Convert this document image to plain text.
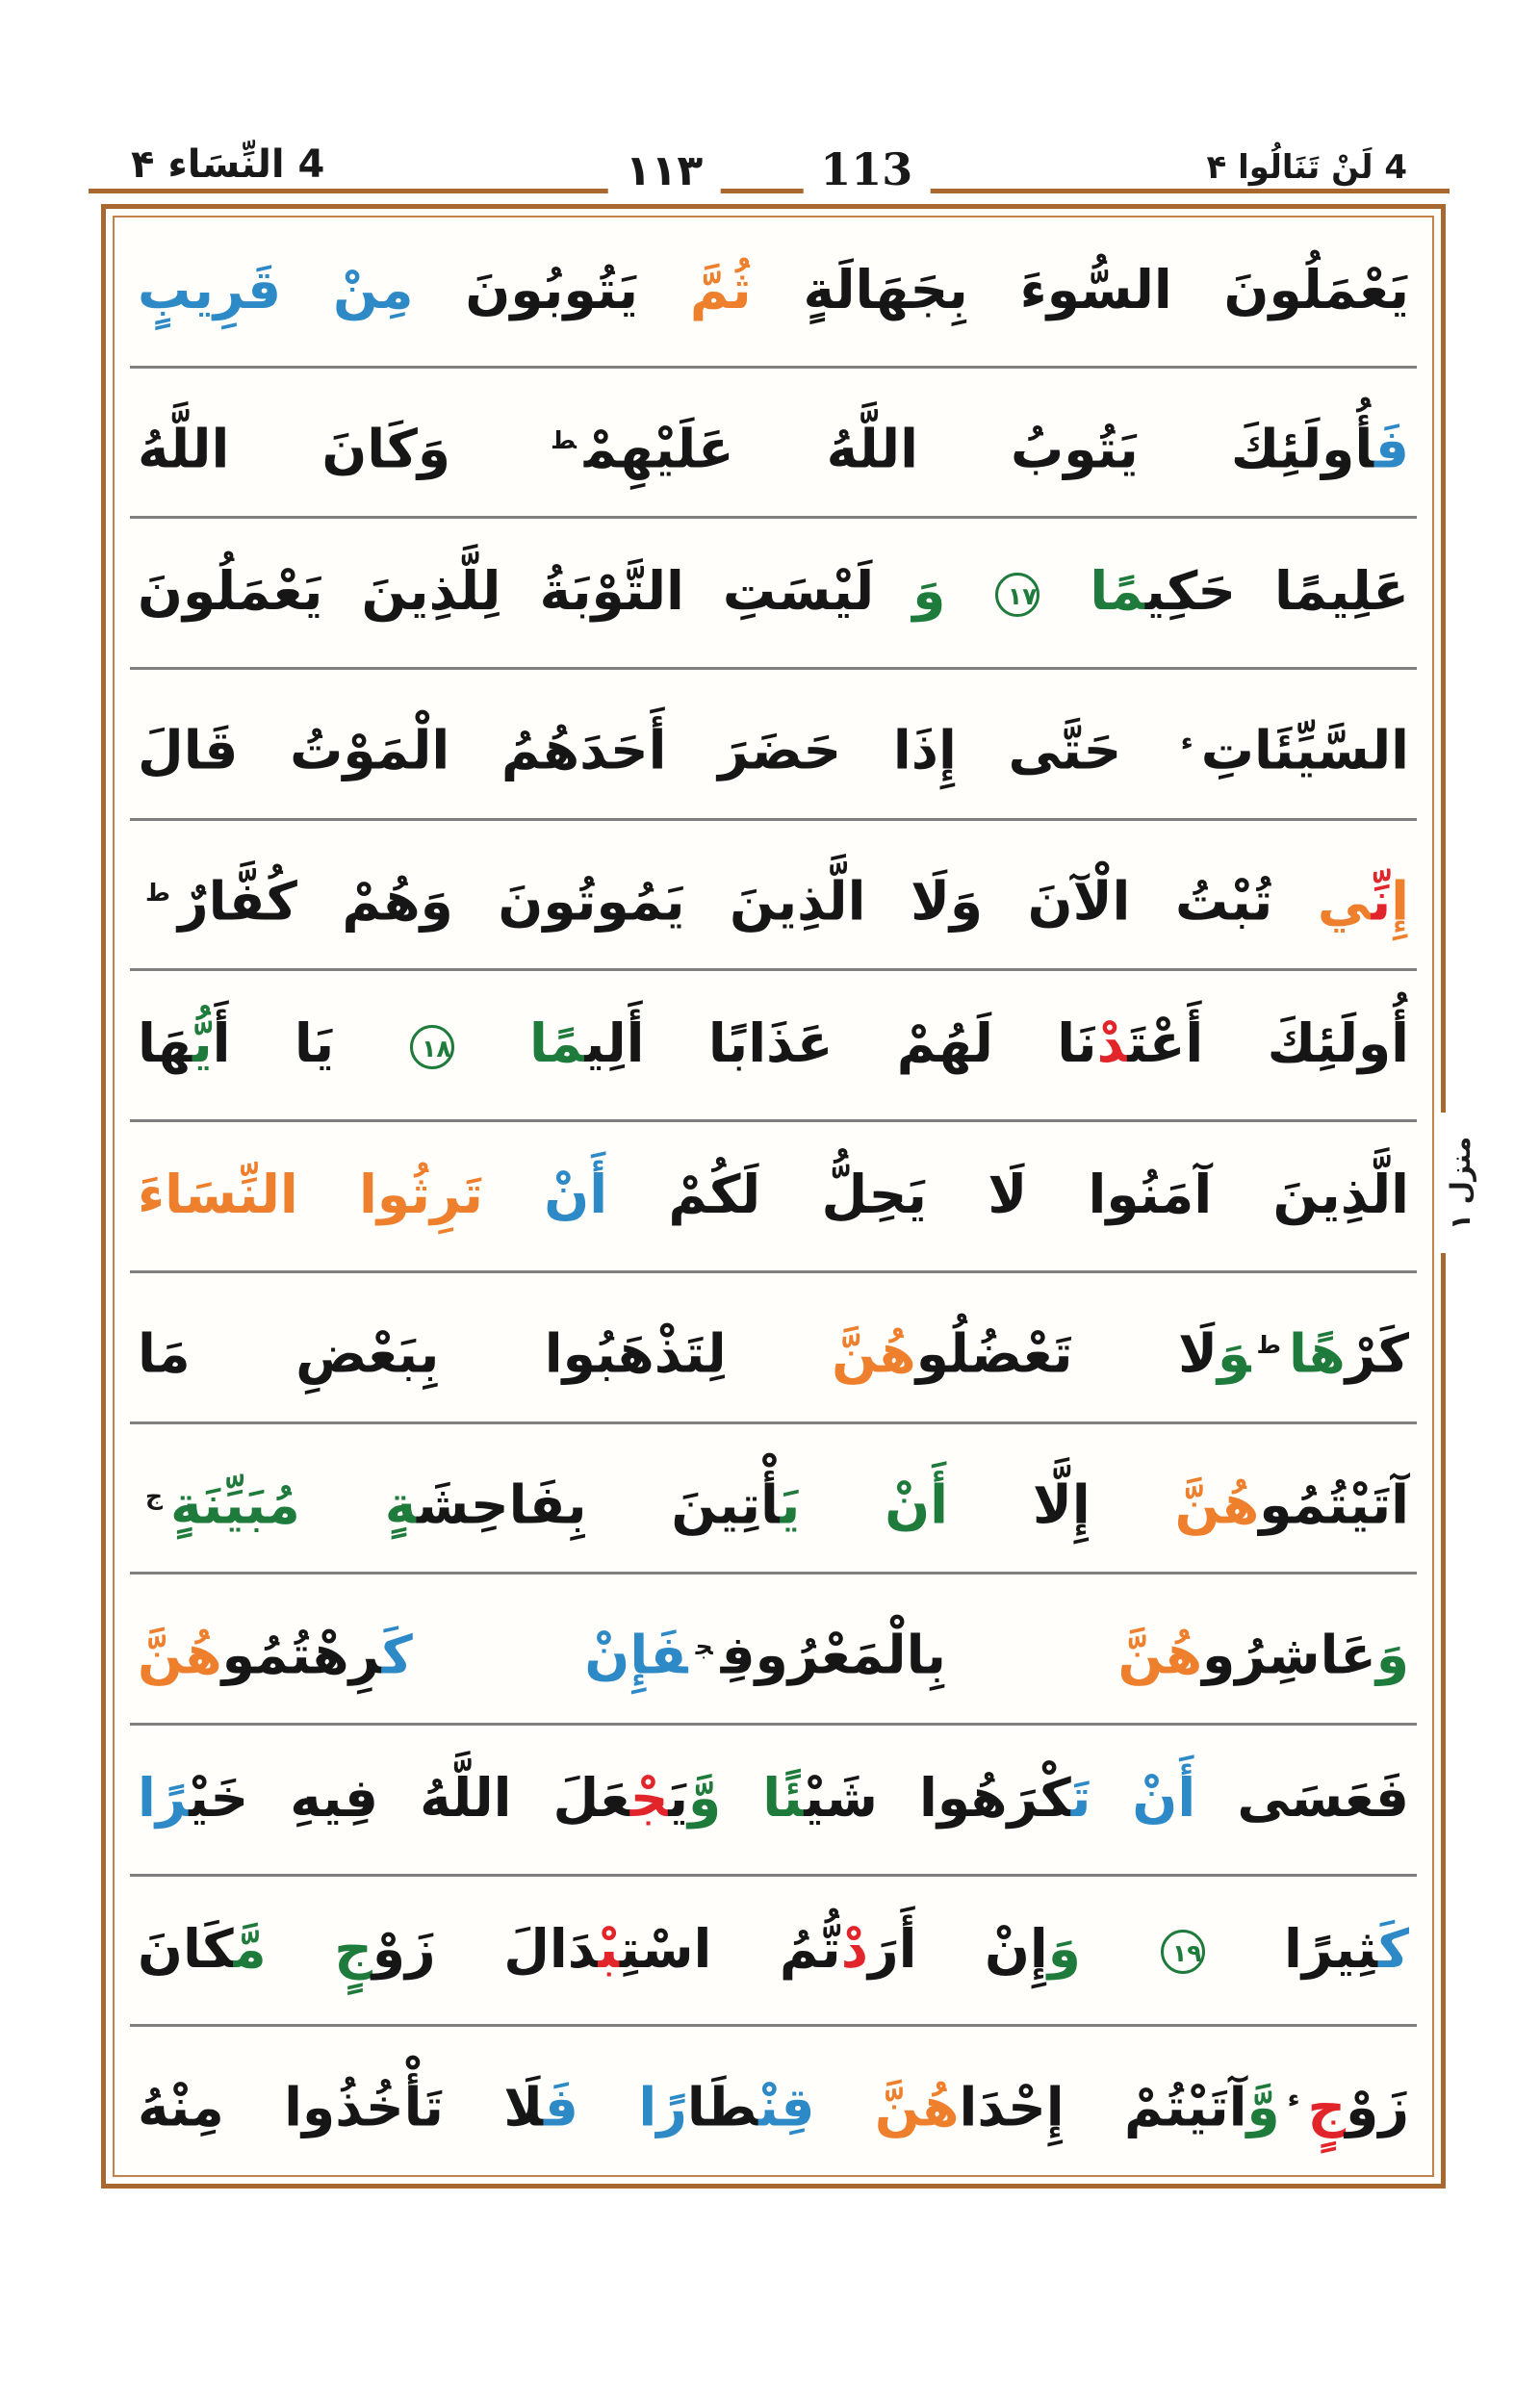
4 النِّسَاء ۴	۱۱۳	113	4 لَنْ تَنَالُوا ۴
يَعْمَلُونَ السُّوءَ بِجَهَالَةٍ ثُمَّ يَتُوبُونَ مِنْ قَرِيبٍ
فَأُولَئِكَ يَتُوبُ اللَّهُ عَلَيْهِمْ$^ط$ وَكَانَ اللَّهُ
عَلِيمًا حَكِيمًا ۱۷ وَ لَيْسَتِ التَّوْبَةُ لِلَّذِينَ يَعْمَلُونَ
السَّيِّئَاتِ$^ء$ حَتَّى إِذَا حَضَرَ أَحَدَهُمُ الْمَوْتُ قَالَ
إِنِّي تُبْتُ الْآنَ وَلَا الَّذِينَ يَمُوتُونَ وَهُمْ كُفَّارٌ$^ط$
أُولَئِكَ أَعْتَدْنَا لَهُمْ عَذَابًا أَلِيمًا ۱۸ يَا أَيُّهَا
الَّذِينَ آمَنُوا لَا يَحِلُّ لَكُمْ أَنْ تَرِثُوا النِّسَاءَ
كَرْهًا$^ط$وَلَا تَعْضُلُوهُنَّ لِتَذْهَبُوا بِبَعْضِ مَا
آتَيْتُمُوهُنَّ إِلَّا أَنْ يَأْتِينَ بِفَاحِشَةٍ مُبَيِّنَةٍ$^ج$
وَعَاشِرُوهُنَّ بِالْمَعْرُوفِ$^ج$فَإِنْ كَرِهْتُمُوهُنَّ
فَعَسَى أَنْ تَكْرَهُوا شَيْئًا وَّيَجْعَلَ اللَّهُ فِيهِ خَيْرًا
كَثِيرًا ۱۹ وَإِنْ أَرَدْتُّمُ اسْتِبْدَالَ زَوْجٍ مَّكَانَ
زَوْجٍ$^ء$وَّآتَيْتُمْ إِحْدَاهُنَّ قِنْطَارًا فَلَا تَأْخُذُوا مِنْهُ
منزل ۱
